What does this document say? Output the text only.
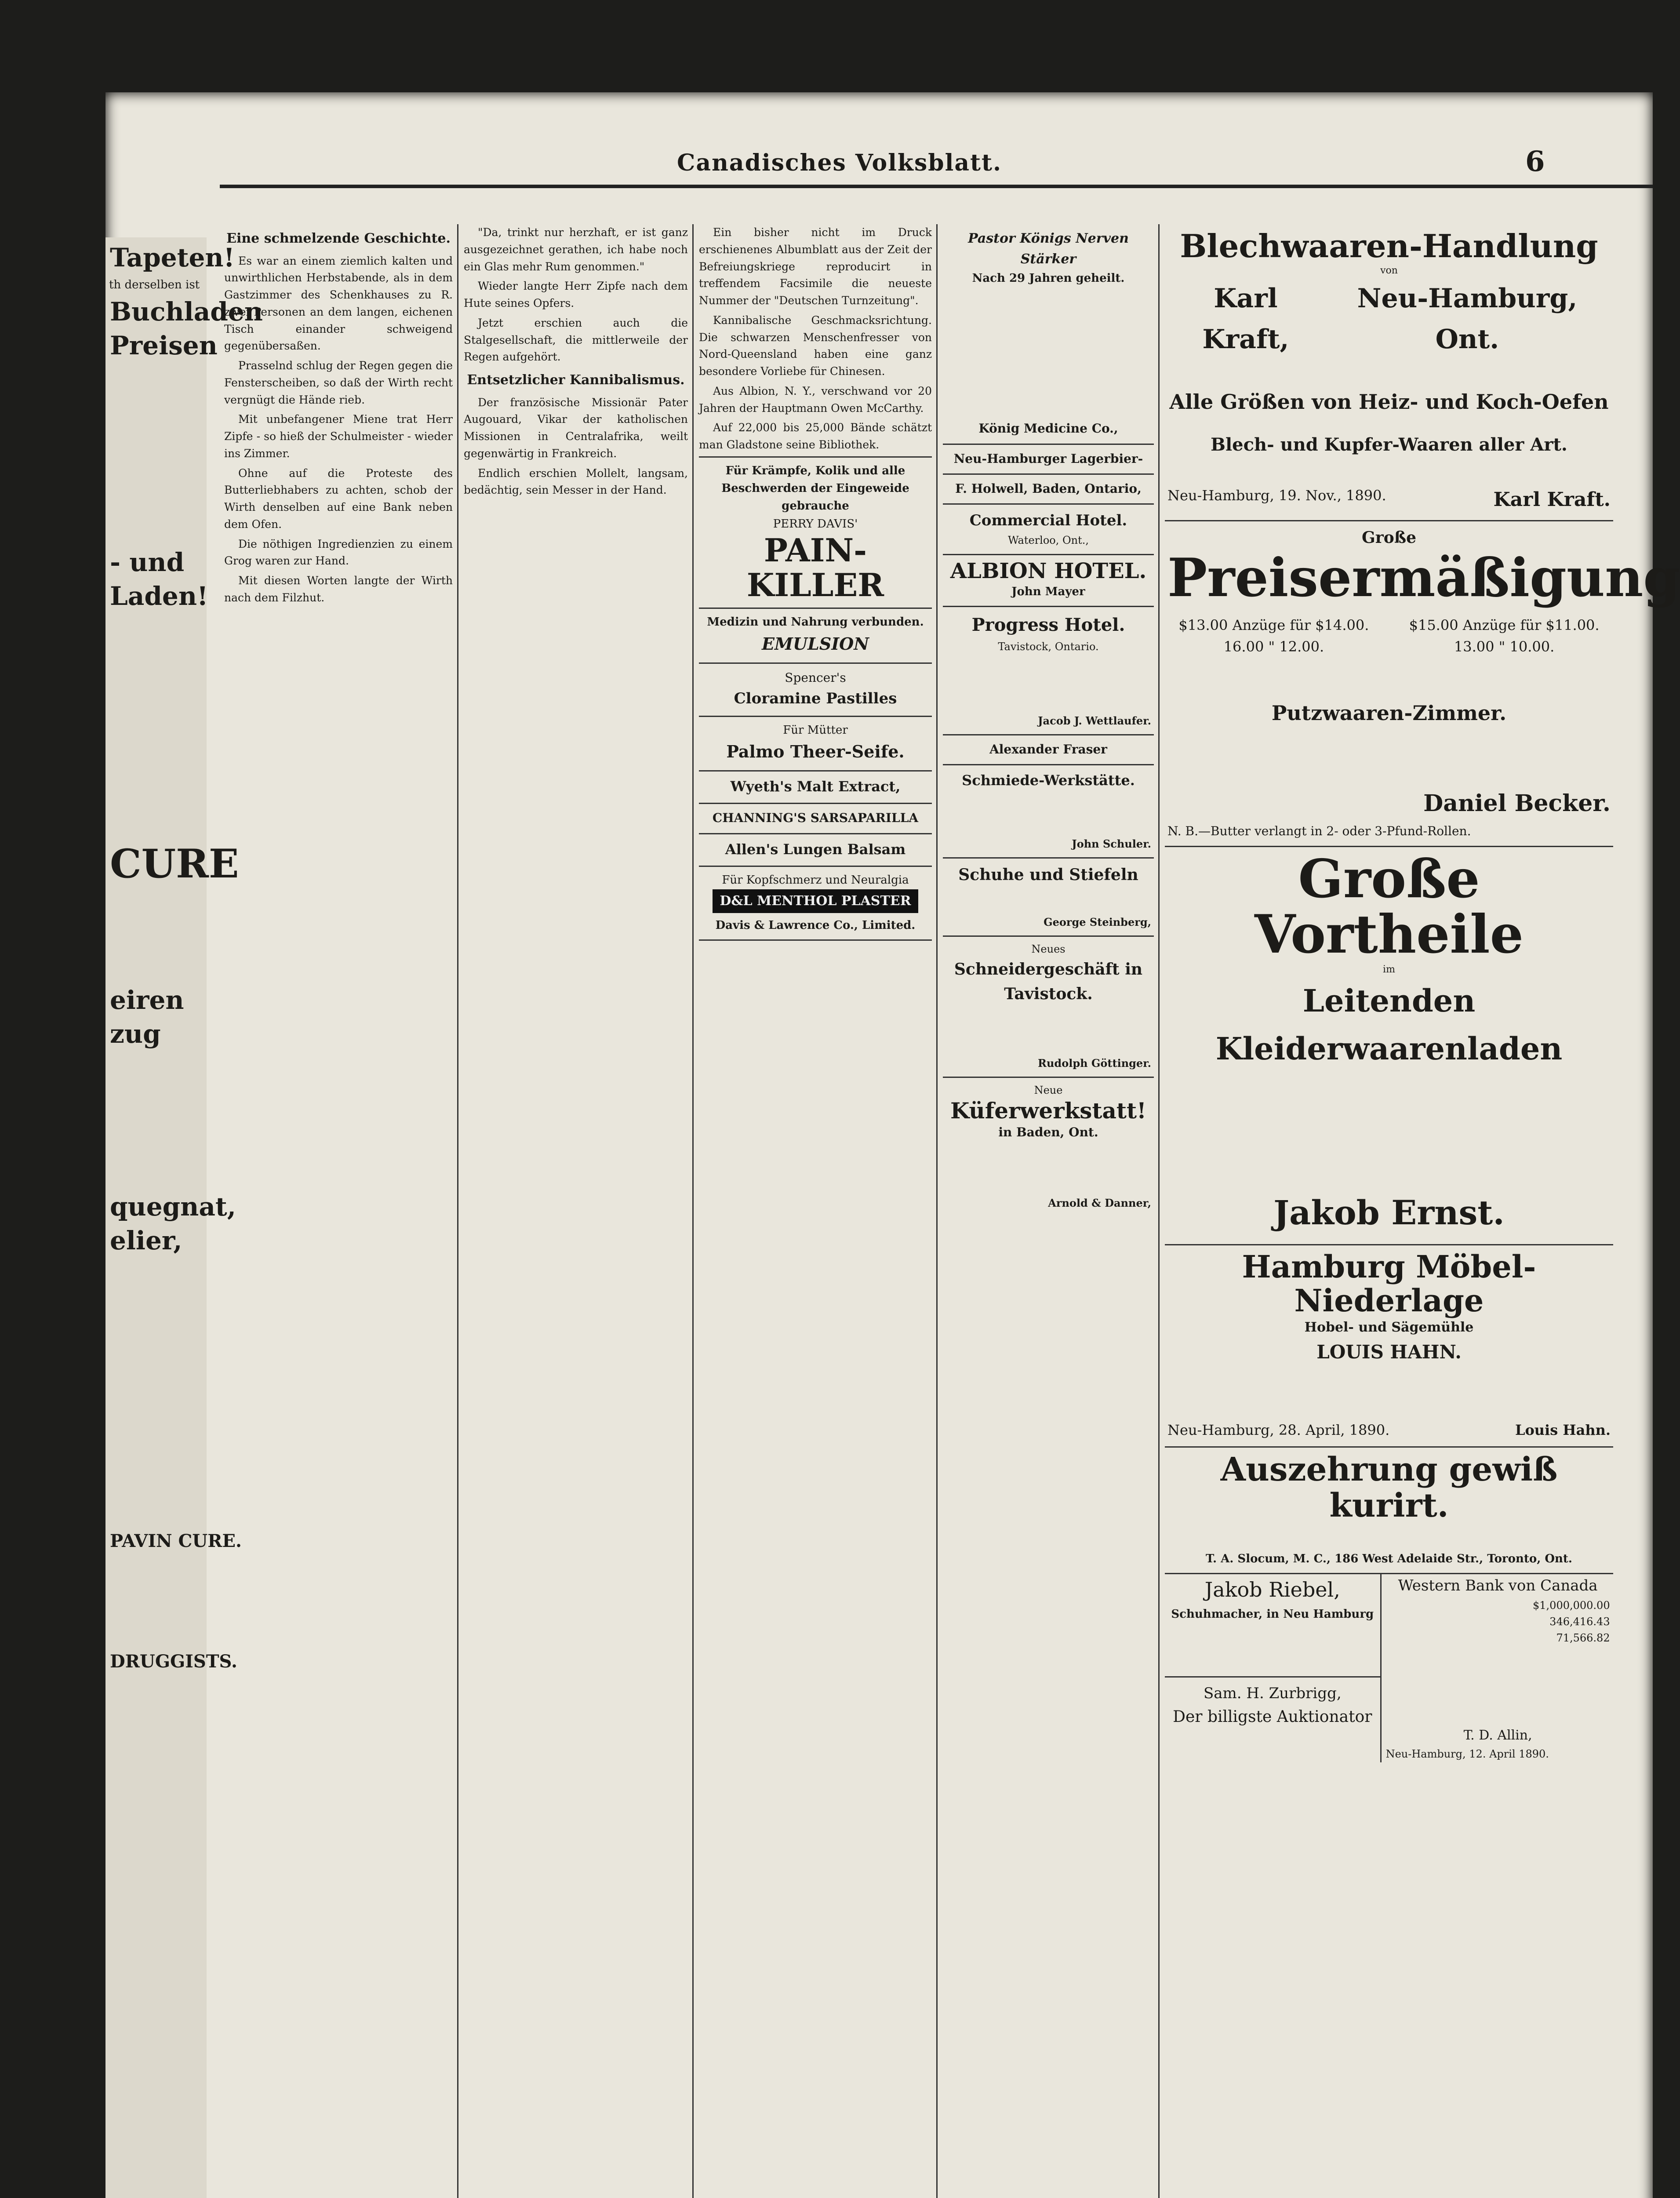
Tapeten!
th derselben ist
Buchladen
Preisen
- und
Laden!
CURE
eiren
zug
quegnat,
elier,
PAVIN CURE.
DRUGGISTS.
Canadisches Volksblatt.	6
Eine schmelzende Geschichte.

Es war an einem ziemlich kalten und unwirthlichen Herbstabende, als in dem Gastzimmer des Schenkhauses zu R. zwei Personen an dem langen, eichenen Tisch einander schweigend gegenübersaßen.

Prasselnd schlug der Regen gegen die Fensterscheiben, so daß der Wirth recht vergnügt die Hände rieb.

Mit unbefangener Miene trat Herr Zipfe - so hieß der Schulmeister - wieder ins Zimmer.

Ohne auf die Proteste des Butterliebhabers zu achten, schob der Wirth denselben auf eine Bank neben dem Ofen.

Die nöthigen Ingredienzien zu einem Grog waren zur Hand.

Mit diesen Worten langte der Wirth nach dem Filzhut.

"Da, trinkt nur herzhaft, er ist ganz ausgezeichnet gerathen, ich habe noch ein Glas mehr Rum genommen."

Wieder langte Herr Zipfe nach dem Hute seines Opfers.

Jetzt erschien auch die Stalgesellschaft, die mittlerweile der Regen aufgehört.

Entsetzlicher Kannibalismus.

Der französische Missionär Pater Augouard, Vikar der katholischen Missionen in Centralafrika, weilt gegenwärtig in Frankreich.

Endlich erschien Mollelt, langsam, bedächtig, sein Messer in der Hand.

Ein bisher nicht im Druck erschienenes Albumblatt aus der Zeit der Befreiungskriege reproducirt in treffendem Facsimile die neueste Nummer der "Deutschen Turnzeitung".

Kannibalische Geschmacksrichtung. Die schwarzen Menschenfresser von Nord-Queensland haben eine ganz besondere Vorliebe für Chinesen.

Aus Albion, N. Y., verschwand vor 20 Jahren der Hauptmann Owen McCarthy.

Auf 22,000 bis 25,000 Bände schätzt man Gladstone seine Bibliothek.

Für Krämpfe, Kolik und alle Beschwerden der Eingeweide gebrauche
PERRY DAVIS'
PAIN-KILLER
Medizin und Nahrung verbunden.
EMULSION
Spencer's
Cloramine Pastilles
Für Mütter
Palmo Theer-Seife.
Wyeth's Malt Extract,
CHANNING'S SARSAPARILLA
Allen's Lungen Balsam
Für Kopfschmerz und Neuralgia
D&L MENTHOL PLASTER
Davis & Lawrence Co., Limited.
Pastor Königs Nerven Stärker
Nach 29 Jahren geheilt.
König Medicine Co.,
Neu-Hamburger Lagerbier-
F. Holwell, Baden, Ontario,
Commercial Hotel.
Waterloo, Ont.,
ALBION HOTEL.
John Mayer
Progress Hotel.
Tavistock, Ontario.
Jacob J. Wettlaufer.
Alexander Fraser
Schmiede-Werkstätte.
John Schuler.
Schuhe und Stiefeln
George Steinberg,
Neues
Schneidergeschäft in Tavistock.
Rudolph Göttinger.
Neue
Küferwerkstatt!
in Baden, Ont.
Arnold & Danner,
Blechwaaren-Handlung
von
Karl Kraft,
Neu-Hamburg, Ont.
Alle Größen von Heiz- und Koch-Oefen
Blech- und Kupfer-Waaren aller Art.
Neu-Hamburg, 19. Nov., 1890.	Karl Kraft.
Große
Preisermäßigung
$13.00 Anzüge für $14.00.	$15.00 Anzüge für $11.00.
16.00 " 12.00.	13.00 " 10.00.
Putzwaaren-Zimmer.
Daniel Becker.
N. B.—Butter verlangt in 2- oder 3-Pfund-Rollen.
Große Vortheile
im
Leitenden Kleiderwaarenladen
Jakob Ernst.
Hamburg Möbel-Niederlage
Hobel- und Sägemühle
LOUIS HAHN.
Neu-Hamburg, 28. April, 1890.	Louis Hahn.
Auszehrung gewiß kurirt.
T. A. Slocum, M. C., 186 West Adelaide Str., Toronto, Ont.
Jakob Riebel,
Schuhmacher, in Neu Hamburg
Sam. H. Zurbrigg,
Der billigste Auktionator
Western Bank von Canada
$1,000,000.00
346,416.43
71,566.82
T. D. Allin,
Neu-Hamburg, 12. April 1890.
